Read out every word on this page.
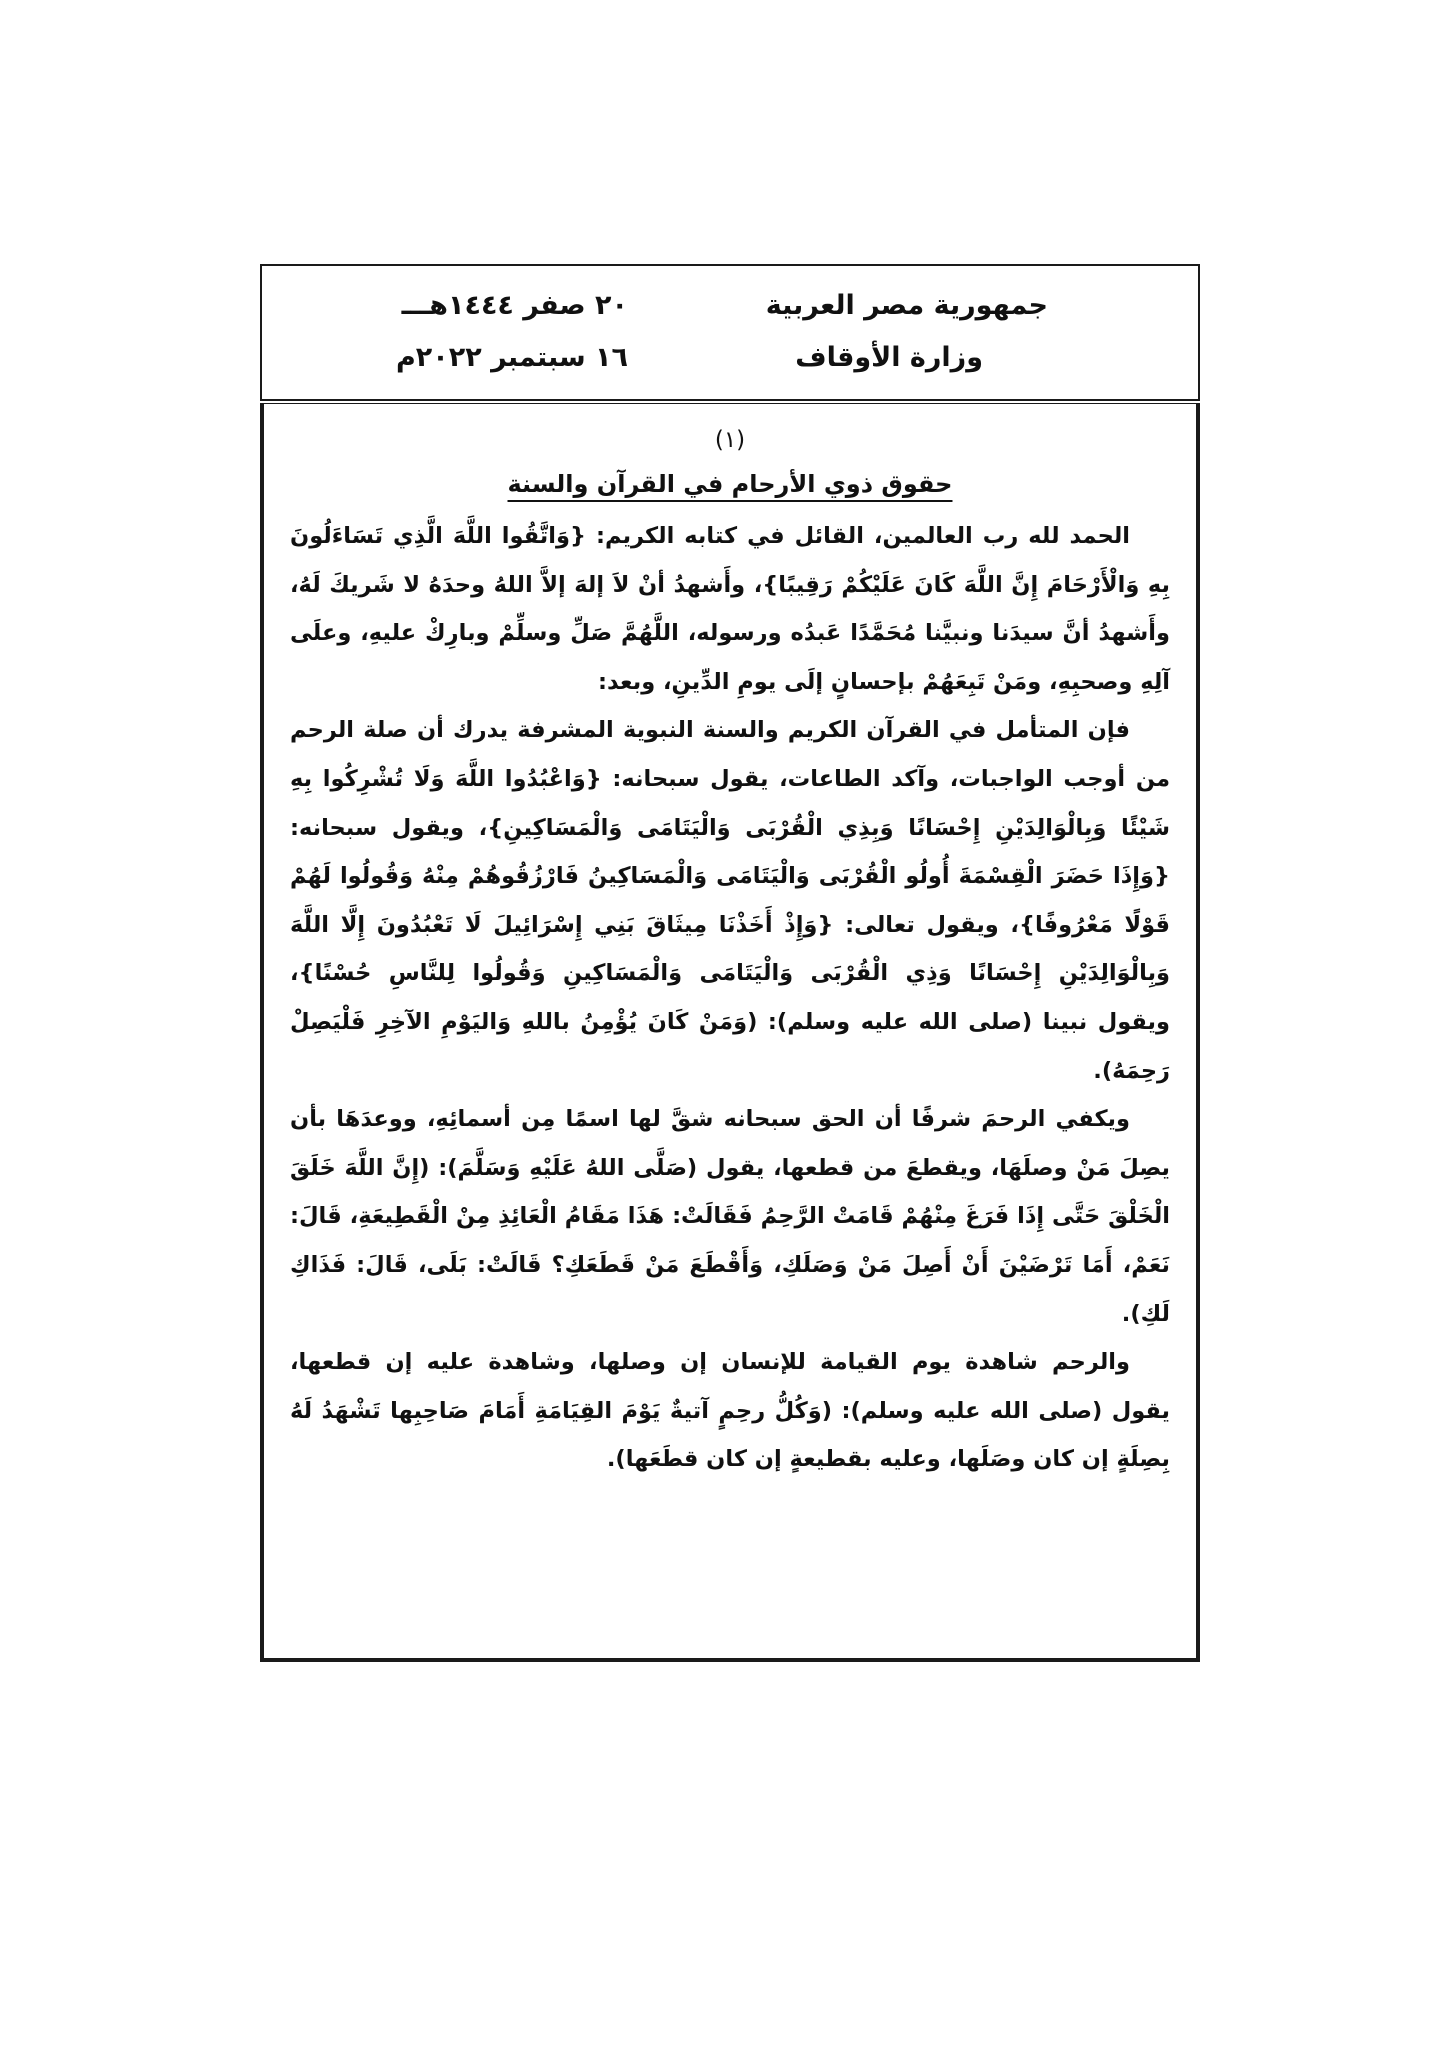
جمهورية مصر العربية
وزارة الأوقاف
٢٠ صفر ١٤٤٤هـــ
١٦ سبتمبر ٢٠٢٢م
(١)
حقوق ذوي الأرحام في القرآن والسنة

الحمد لله رب العالمين، القائل في كتابه الكريم: {وَاتَّقُوا اللَّهَ الَّذِي تَسَاءَلُونَ بِهِ وَالْأَرْحَامَ إِنَّ اللَّهَ كَانَ عَلَيْكُمْ رَقِيبًا}، وأَشهدُ أنْ لاَ إلهَ إلاَّ اللهُ وحدَهُ لا شَريكَ لَهُ، وأَشهدُ أنَّ سيدَنا ونبيَّنا مُحَمَّدًا عَبدُه ورسوله، اللَّهُمَّ صَلِّ وسلِّمْ وبارِكْ عليهِ، وعلَى آلِهِ وصحبِهِ، ومَنْ تَبِعَهُمْ بإحسانٍ إلَى يومِ الدِّينِ، وبعد:

فإن المتأمل في القرآن الكريم والسنة النبوية المشرفة يدرك أن صلة الرحم من أوجب الواجبات، وآكد الطاعات، يقول سبحانه: {وَاعْبُدُوا اللَّهَ وَلَا تُشْرِكُوا بِهِ شَيْئًا وَبِالْوَالِدَيْنِ إِحْسَانًا وَبِذِي الْقُرْبَى وَالْيَتَامَى وَالْمَسَاكِينِ}، ويقول سبحانه: {وَإِذَا حَضَرَ الْقِسْمَةَ أُولُو الْقُرْبَى وَالْيَتَامَى وَالْمَسَاكِينُ فَارْزُقُوهُمْ مِنْهُ وَقُولُوا لَهُمْ قَوْلًا مَعْرُوفًا}، ويقول تعالى: {وَإِذْ أَخَذْنَا مِيثَاقَ بَنِي إِسْرَائِيلَ لَا تَعْبُدُونَ إِلَّا اللَّهَ وَبِالْوَالِدَيْنِ إِحْسَانًا وَذِي الْقُرْبَى وَالْيَتَامَى وَالْمَسَاكِينِ وَقُولُوا لِلنَّاسِ حُسْنًا}، ويقول نبينا (صلى الله عليه وسلم): (وَمَنْ كَانَ يُؤْمِنُ باللهِ وَاليَوْمِ الآخِرِ فَلْيَصِلْ رَحِمَهُ).

ويكفي الرحمَ شرفًا أن الحق سبحانه شقَّ لها اسمًا مِن أسمائِهِ، ووعدَهَا بأن يصِلَ مَنْ وصلَهَا، ويقطعَ من قطعها، يقول (صَلَّى اللهُ عَلَيْهِ وَسَلَّمَ): (إِنَّ اللَّهَ خَلَقَ الْخَلْقَ حَتَّى إِذَا فَرَغَ مِنْهُمْ قَامَتْ الرَّحِمُ فَقَالَتْ: هَذَا مَقَامُ الْعَائِذِ مِنْ الْقَطِيعَةِ، قَالَ: نَعَمْ، أَمَا تَرْضَيْنَ أَنْ أَصِلَ مَنْ وَصَلَكِ، وَأَقْطَعَ مَنْ قَطَعَكِ؟ قَالَتْ: بَلَى، قَالَ: فَذَاكِ لَكِ).

والرحم شاهدة يوم القيامة للإنسان إن وصلها، وشاهدة عليه إن قطعها، يقول (صلى الله عليه وسلم): (وَكُلُّ رحِمٍ آتيةٌ يَوْمَ القِيَامَةِ أَمَامَ صَاحِبِها تَشْهَدُ لَهُ بِصِلَةٍ إن كان وصَلَها، وعليه بقطيعةٍ إن كان قطَعَها).
